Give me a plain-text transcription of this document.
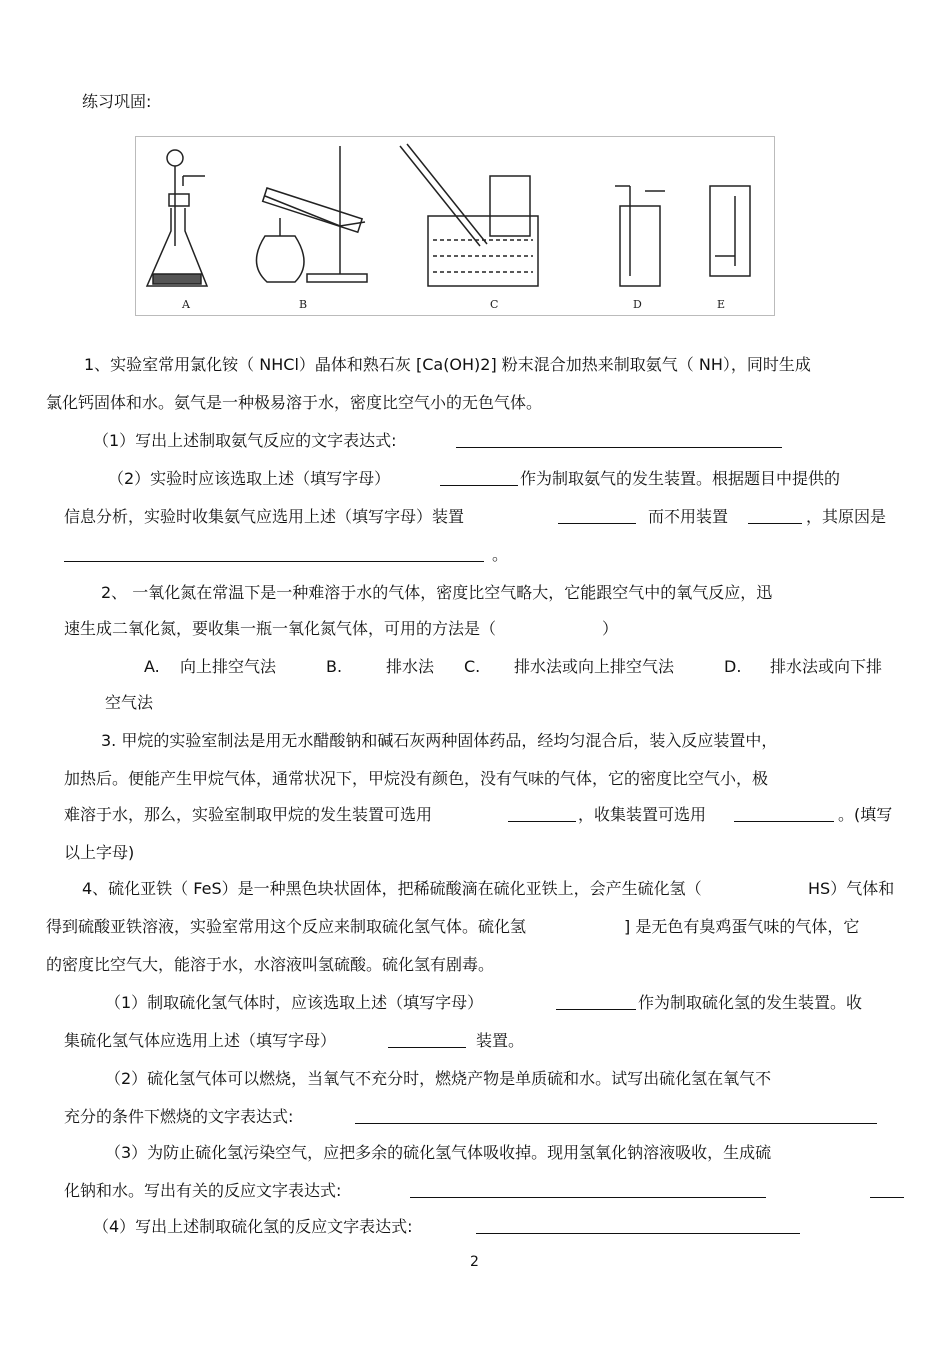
练习巩固:
A	B	C	D	E
1、实验室常用氯化铵（ NHCl）晶体和熟石灰 [Ca(OH)2] 粉末混合加热来制取氨气（ NH），同时生成
氯化钙固体和水。氨气是一种极易溶于水，密度比空气小的无色气体。
（1）写出上述制取氨气反应的文字表达式:
（2）实验时应该选取上述（填写字母）	作为制取氨气的发生装置。根据题目中提供的
信息分析，实验时收集氨气应选用上述（填写字母）装置	而不用装置	，其原因是
。
2、 一氧化氮在常温下是一种难溶于水的气体，密度比空气略大，它能跟空气中的氧气反应，迅
速生成二氧化氮，要收集一瓶一氧化氮气体，可用的方法是（	）
A. 向上排空气法	B.	排水法 C. 排水法或向上排空气法	D. 排水法或向下排
空气法
3. 甲烷的实验室制法是用无水醋酸钠和碱石灰两种固体药品，经均匀混合后，装入反应装置中，
加热后。便能产生甲烷气体，通常状况下，甲烷没有颜色，没有气味的气体，它的密度比空气小，极
难溶于水，那么，实验室制取甲烷的发生装置可选用	，收集装置可选用	。(填写
以上字母)
4、硫化亚铁（ FeS）是一种黑色块状固体，把稀硫酸滴在硫化亚铁上，会产生硫化氢（	HS）气体和
得到硫酸亚铁溶液，实验室常用这个反应来制取硫化氢气体。硫化氢	] 是无色有臭鸡蛋气味的气体，它
的密度比空气大，能溶于水，水溶液叫氢硫酸。硫化氢有剧毒。
（1）制取硫化氢气体时，应该选取上述（填写字母）	作为制取硫化氢的发生装置。收
集硫化氢气体应选用上述（填写字母）	装置。
（2）硫化氢气体可以燃烧，当氧气不充分时，燃烧产物是单质硫和水。试写出硫化氢在氧气不
充分的条件下燃烧的文字表达式:
（3）为防止硫化氢污染空气，应把多余的硫化氢气体吸收掉。现用氢氧化钠溶液吸收，生成硫
化钠和水。写出有关的反应文字表达式:
（4）写出上述制取硫化氢的反应文字表达式:
2
